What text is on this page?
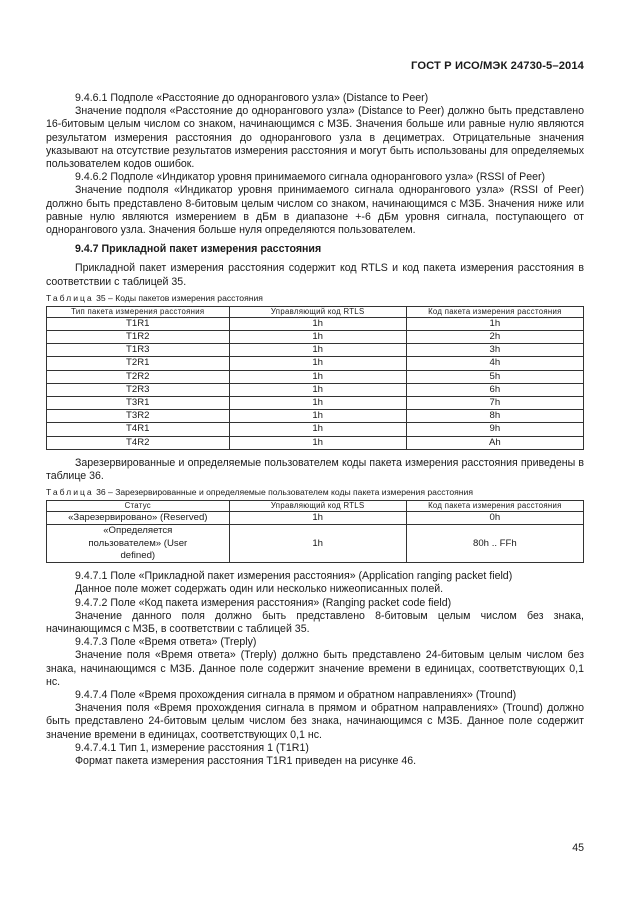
ГОСТ Р ИСО/МЭК 24730-5–2014

9.4.6.1 Подполе «Расстояние до однорангового узла» (Distance to Peer)

Значение подполя «Расстояние до однорангового узла» (Distance to Peer) должно быть представлено 16-битовым целым числом со знаком, начинающимся с МЗБ. Значения больше или равные нулю являются результатом измерения расстояния до однорангового узла в дециметрах. Отрицательные значения указывают на отсутствие результатов измерения расстояния и могут быть использованы для определяемых пользователем кодов ошибок.

9.4.6.2 Подполе «Индикатор уровня принимаемого сигнала однорангового узла» (RSSI of Peer)

Значение подполя «Индикатор уровня принимаемого сигнала однорангового узла» (RSSI of Peer) должно быть представлено 8-битовым целым числом со знаком, начинающимся с МЗБ. Значения ниже или равные нулю являются измерением в дБм в диапазоне +-6 дБм уровня сигнала, поступающего от однорангового узла. Значения больше нуля определяются пользователем.

9.4.7 Прикладной пакет измерения расстояния

Прикладной пакет измерения расстояния содержит код RTLS и код пакета измерения расстояния в соответствии с таблицей 35.

Таблица 35 – Коды пакетов измерения расстояния
Тип пакета измерения расстояния	Управляющий код RTLS	Код пакета измерения расстояния
T1R1	1h	1h
T1R2	1h	2h
T1R3	1h	3h
T2R1	1h	4h
T2R2	1h	5h
T2R3	1h	6h
T3R1	1h	7h
T3R2	1h	8h
T4R1	1h	9h
T4R2	1h	Ah

Зарезервированные и определяемые пользователем коды пакета измерения расстояния приведены в таблице 36.

Таблица 36 – Зарезервированные и определяемые пользователем коды пакета измерения расстояния
Статус	Управляющий код RTLS	Код пакета измерения расстояния
«Зарезервировано» (Reserved)	1h	0h
«Определяется пользователем» (User defined)	1h	80h .. FFh

9.4.7.1 Поле «Прикладной пакет измерения расстояния» (Application ranging packet field)

Данное поле может содержать один или несколько нижеописанных полей.

9.4.7.2 Поле «Код пакета измерения расстояния» (Ranging packet code field)

Значение данного поля должно быть представлено 8-битовым целым числом без знака, начинающимся с МЗБ, в соответствии с таблицей 35.

9.4.7.3 Поле «Время ответа» (Treply)

Значение поля «Время ответа» (Treply) должно быть представлено 24-битовым целым числом без знака, начинающимся с МЗБ. Данное поле содержит значение времени в единицах, соответствующих 0,1 нс.

9.4.7.4 Поле «Время прохождения сигнала в прямом и обратном направлениях» (Tround)

Значения поля «Время прохождения сигнала в прямом и обратном направлениях» (Tround) должно быть представлено 24-битовым целым числом без знака, начинающимся с МЗБ. Данное поле содержит значение времени в единицах, соответствующих 0,1 нс.

9.4.7.4.1 Тип 1, измерение расстояния 1 (T1R1)

Формат пакета измерения расстояния T1R1 приведен на рисунке 46.

45
